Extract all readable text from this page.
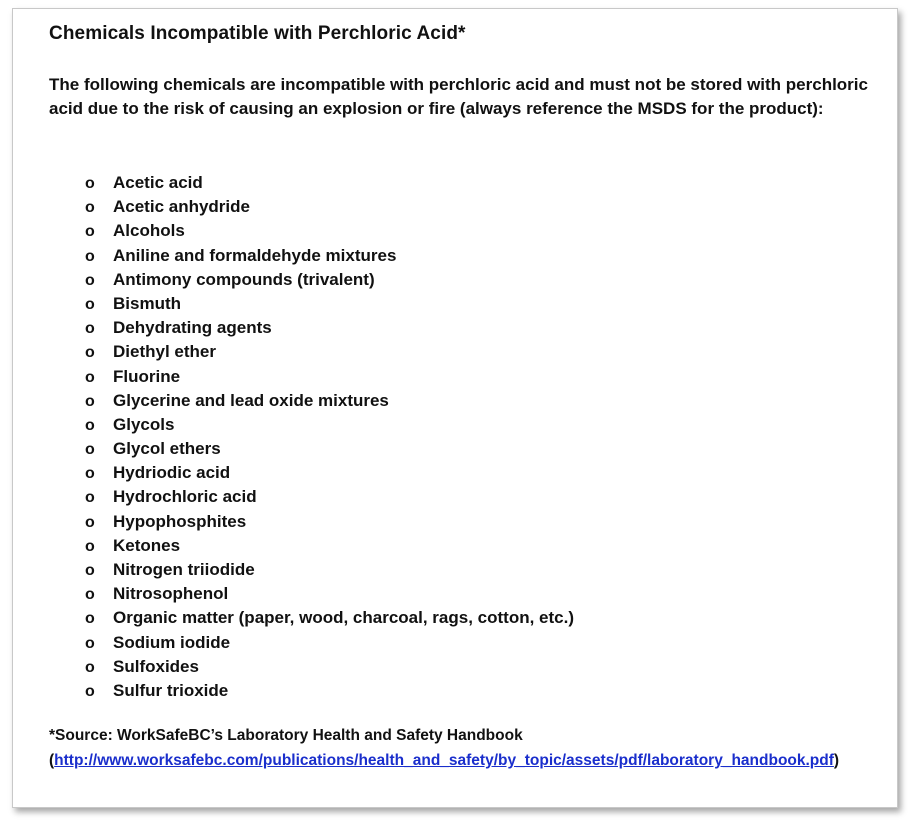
Chemicals Incompatible with Perchloric Acid*

The following chemicals are incompatible with perchloric acid and must not be stored with perchloric acid due to the risk of causing an explosion or fire (always reference the MSDS for the product):

o Acetic acid
o Acetic anhydride
o Alcohols
o Aniline and formaldehyde mixtures
o Antimony compounds (trivalent)
o Bismuth
o Dehydrating agents
o Diethyl ether
o Fluorine
o Glycerine and lead oxide mixtures
o Glycols
o Glycol ethers
o Hydriodic acid
o Hydrochloric acid
o Hypophosphites
o Ketones
o Nitrogen triiodide
o Nitrosophenol
o Organic matter (paper, wood, charcoal, rags, cotton, etc.)
o Sodium iodide
o Sulfoxides
o Sulfur trioxide

*Source: WorkSafeBC’s Laboratory Health and Safety Handbook
(http://www.worksafebc.com/publications/health_and_safety/by_topic/assets/pdf/laboratory_handbook.pdf)
